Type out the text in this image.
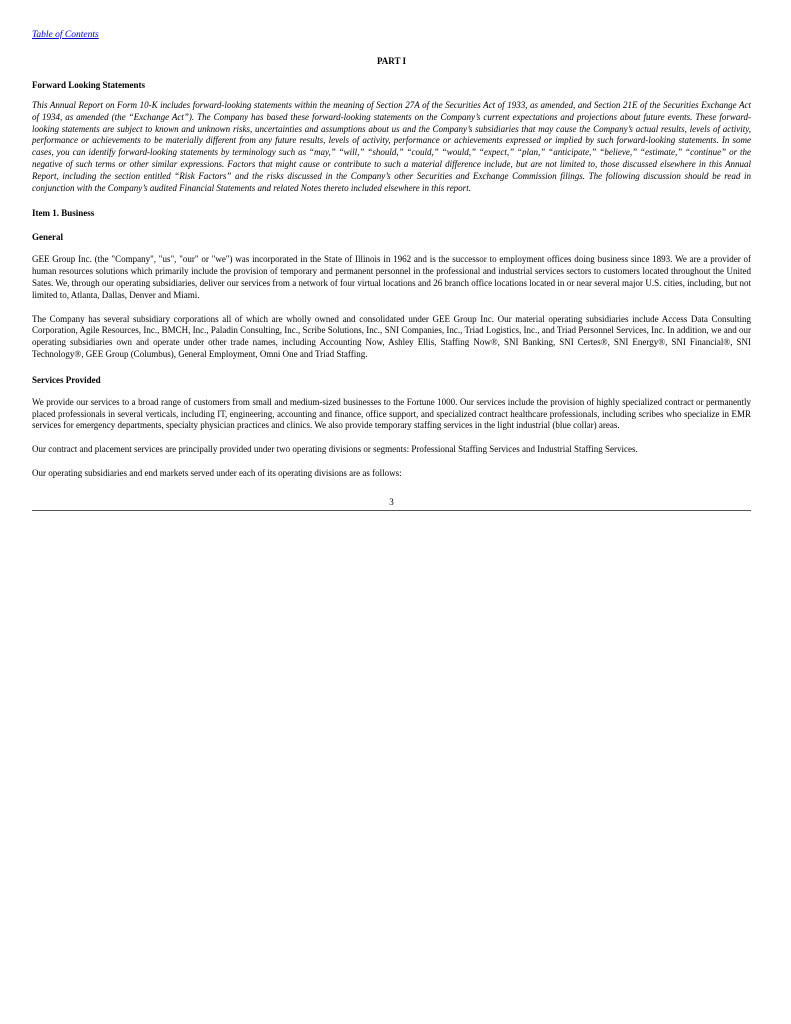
Table of Contents
PART I
Forward Looking Statements
This Annual Report on Form 10-K includes forward-looking statements within the meaning of Section 27A of the Securities Act of 1933, as amended, and Section 21E of the Securities Exchange Act of 1934, as amended (the “Exchange Act”). The Company has based these forward-looking statements on the Company’s current expectations and projections about future events. These forward-looking statements are subject to known and unknown risks, uncertainties and assumptions about us and the Company’s subsidiaries that may cause the Company’s actual results, levels of activity, performance or achievements to be materially different from any future results, levels of activity, performance or achievements expressed or implied by such forward-looking statements. In some cases, you can identify forward-looking statements by terminology such as “may,” “will,” “should,” “could,” “would,” “expect,” “plan,” “anticipate,” “believe,” “estimate,” “continue” or the negative of such terms or other similar expressions. Factors that might cause or contribute to such a material difference include, but are not limited to, those discussed elsewhere in this Annual Report, including the section entitled “Risk Factors” and the risks discussed in the Company’s other Securities and Exchange Commission filings. The following discussion should be read in conjunction with the Company’s audited Financial Statements and related Notes thereto included elsewhere in this report.
Item 1. Business
General
GEE Group Inc. (the "Company", "us", "our" or "we") was incorporated in the State of Illinois in 1962 and is the successor to employment offices doing business since 1893. We are a provider of human resources solutions which primarily include the provision of temporary and permanent personnel in the professional and industrial services sectors to customers located throughout the United Sates. We, through our operating subsidiaries, deliver our services from a network of four virtual locations and 26 branch office locations located in or near several major U.S. cities, including, but not limited to, Atlanta, Dallas, Denver and Miami.
The Company has several subsidiary corporations all of which are wholly owned and consolidated under GEE Group Inc. Our material operating subsidiaries include Access Data Consulting Corporation, Agile Resources, Inc., BMCH, Inc., Paladin Consulting, Inc., Scribe Solutions, Inc., SNI Companies, Inc., Triad Logistics, Inc., and Triad Personnel Services, Inc. In addition, we and our operating subsidiaries own and operate under other trade names, including Accounting Now, Ashley Ellis, Staffing Now®, SNI Banking, SNI Certes®, SNI Energy®, SNI Financial®, SNI Technology®, GEE Group (Columbus), General Employment, Omni One and Triad Staffing.
Services Provided
We provide our services to a broad range of customers from small and medium-sized businesses to the Fortune 1000. Our services include the provision of highly specialized contract or permanently placed professionals in several verticals, including IT, engineering, accounting and finance, office support, and specialized contract healthcare professionals, including scribes who specialize in EMR services for emergency departments, specialty physician practices and clinics. We also provide temporary staffing services in the light industrial (blue collar) areas.
Our contract and placement services are principally provided under two operating divisions or segments: Professional Staffing Services and Industrial Staffing Services.
Our operating subsidiaries and end markets served under each of its operating divisions are as follows:
3
